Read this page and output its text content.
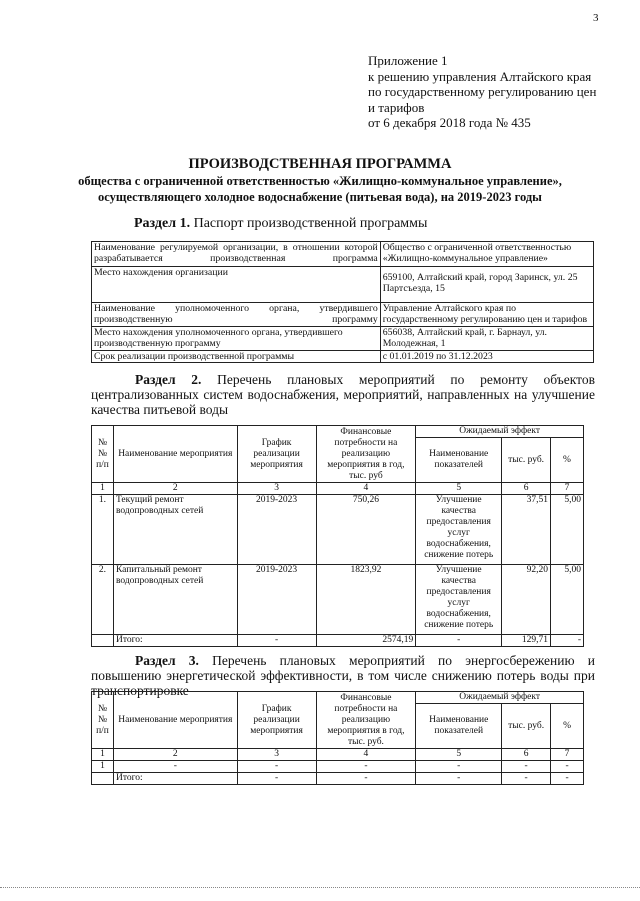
3
Приложение 1
к решению управления Алтайского края
по государственному регулированию цен
и тарифов
от 6 декабря 2018 года № 435
ПРОИЗВОДСТВЕННАЯ ПРОГРАММА
общества с ограниченной ответственностью «Жилищно-коммунальное управление»,
осуществляющего холодное водоснабжение (питьевая вода), на 2019-2023 годы
Раздел 1. Паспорт производственной программы
Наименование регулируемой организации, в отношении которой разрабатывается производственная программа	Общество с ограниченной ответственностью «Жилищно-коммунальное управление»
Место нахождения организации	659100, Алтайский край, город Заринск, ул. 25 Партсъезда, 15
Наименование уполномоченного органа, утвердившего производственную программу	Управление Алтайского края по государственному регулированию цен и тарифов
Место нахождения уполномоченного органа, утвердившего производственную программу	656038, Алтайский край, г. Барнаул, ул. Молодежная, 1
Срок реализации производственной программы	с 01.01.2019 по 31.12.2023
Раздел 2. Перечень плановых мероприятий по ремонту объектов централизованных систем водоснабжения, мероприятий, направленных на улучшение качества питьевой воды
№№ п/п	Наименование мероприятия	График реализации мероприятия	Финансовые потребности на реализацию мероприятия в год, тыс. руб	Ожидаемый эффект		
				Наименование показателей	тыс. руб.	%
1	2	3	4	5	6	7
1.	Текущий ремонт водопроводных сетей	2019-2023	750,26	Улучшение качества предоставления услуг водоснабжения, снижение потерь	37,51	5,00
2.	Капитальный ремонт водопроводных сетей	2019-2023	1823,92	Улучшение качества предоставления услуг водоснабжения, снижение потерь	92,20	5,00
	Итого:	-	2574,19	-	129,71	-
Раздел 3. Перечень плановых мероприятий по энергосбережению и повышению энергетической эффективности, в том числе снижению потерь воды при транспортировке
№№ п/п	Наименование мероприятия	График реализации мероприятия	Финансовые потребности на реализацию мероприятия в год, тыс. руб.	Ожидаемый эффект		
				Наименование показателей	тыс. руб.	%
1	2	3	4	5	6	7
1	-	-	-	-	-	-
	Итого:	-	-	-	-	-
